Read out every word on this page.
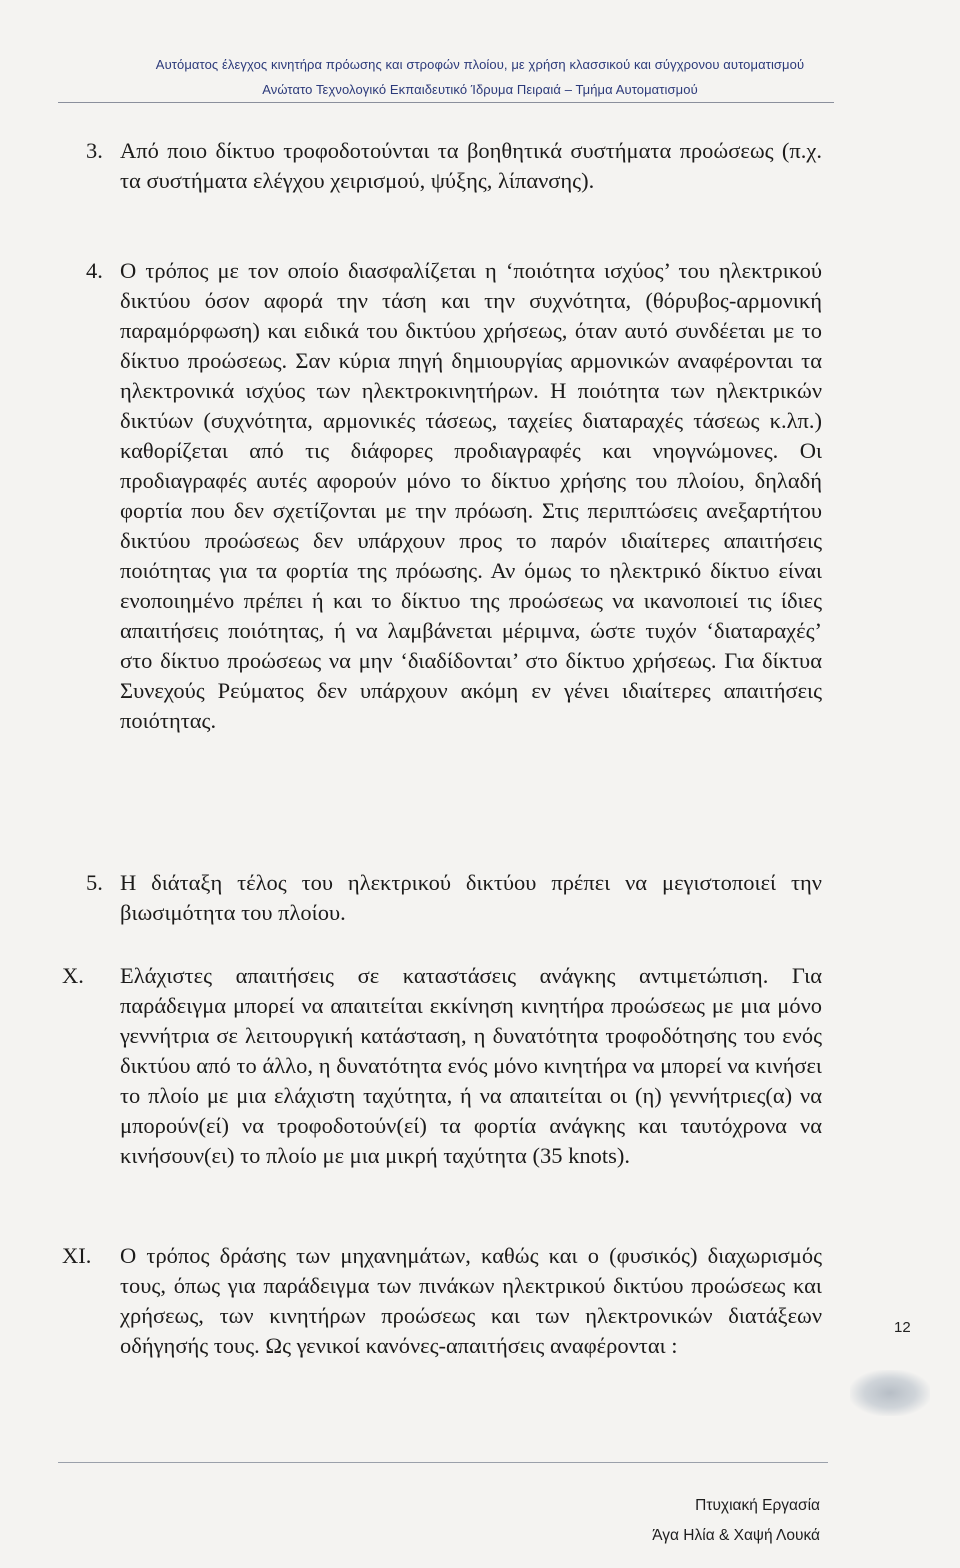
Αυτόματος έλεγχος κινητήρα πρόωσης και στροφών πλοίου, με χρήση κλασσικού και σύγχρονου αυτοματισμού
Ανώτατο Τεχνολογικό Εκπαιδευτικό Ίδρυμα Πειραιά – Τμήμα Αυτοματισμού
3. Από ποιο δίκτυο τροφοδοτούνται τα βοηθητικά συστήματα προώσεως (π.χ. τα συστήματα ελέγχου χειρισμού, ψύξης, λίπανσης).

4. Ο τρόπος με τον οποίο διασφαλίζεται η ‘ποιότητα ισχύος’ του ηλεκτρικού δικτύου όσον αφορά την τάση και την συχνότητα, (θόρυβος-αρμονική παραμόρφωση) και ειδικά του δικτύου χρήσεως, όταν αυτό συνδέεται με το δίκτυο προώσεως. Σαν κύρια πηγή δημιουργίας αρμονικών αναφέρονται τα ηλεκτρονικά ισχύος των ηλεκτροκινητήρων. Η ποιότητα των ηλεκτρικών δικτύων (συχνότητα, αρμονικές τάσεως, ταχείες διαταραχές τάσεως κ.λπ.) καθορίζεται από τις διάφορες προδιαγραφές και νηογνώμονες. Οι προδιαγραφές αυτές αφορούν μόνο το δίκτυο χρήσης του πλοίου, δηλαδή φορτία που δεν σχετίζονται με την πρόωση. Στις περιπτώσεις ανεξαρτήτου δικτύου προώσεως δεν υπάρχουν προς το παρόν ιδιαίτερες απαιτήσεις ποιότητας για τα φορτία της πρόωσης. Αν όμως το ηλεκτρικό δίκτυο είναι ενοποιημένο πρέπει ή και το δίκτυο της προώσεως να ικανοποιεί τις ίδιες απαιτήσεις ποιότητας, ή να λαμβάνεται μέριμνα, ώστε τυχόν ‘διαταραχές’ στο δίκτυο προώσεως να μην ‘διαδίδονται’ στο δίκτυο χρήσεως. Για δίκτυα Συνεχούς Ρεύματος δεν υπάρχουν ακόμη εν γένει ιδιαίτερες απαιτήσεις ποιότητας.

5. Η διάταξη τέλος του ηλεκτρικού δικτύου πρέπει να μεγιστοποιεί την βιωσιμότητα του πλοίου.

X. Ελάχιστες απαιτήσεις σε καταστάσεις ανάγκης αντιμετώπιση. Για παράδειγμα μπορεί να απαιτείται εκκίνηση κινητήρα προώσεως με μια μόνο γεννήτρια σε λειτουργική κατάσταση, η δυνατότητα τροφοδότησης του ενός δικτύου από το άλλο, η δυνατότητα ενός μόνο κινητήρα να μπορεί να κινήσει το πλοίο με μια ελάχιστη ταχύτητα, ή να απαιτείται οι (η) γεννήτριες(α) να μπορούν(εί) να τροφοδοτούν(εί) τα φορτία ανάγκης και ταυτόχρονα να κινήσουν(ει) το πλοίο με μια μικρή ταχύτητα (35 knots).

XI. Ο τρόπος δράσης των μηχανημάτων, καθώς και ο (φυσικός) διαχωρισμός τους, όπως για παράδειγμα των πινάκων ηλεκτρικού δικτύου προώσεως και χρήσεως, των κινητήρων προώσεως και των ηλεκτρονικών διατάξεων οδήγησής τους. Ως γενικοί κανόνες-απαιτήσεις αναφέρονται :

12
Πτυχιακή Εργασία
Άγα Ηλία & Χαψή Λουκά
